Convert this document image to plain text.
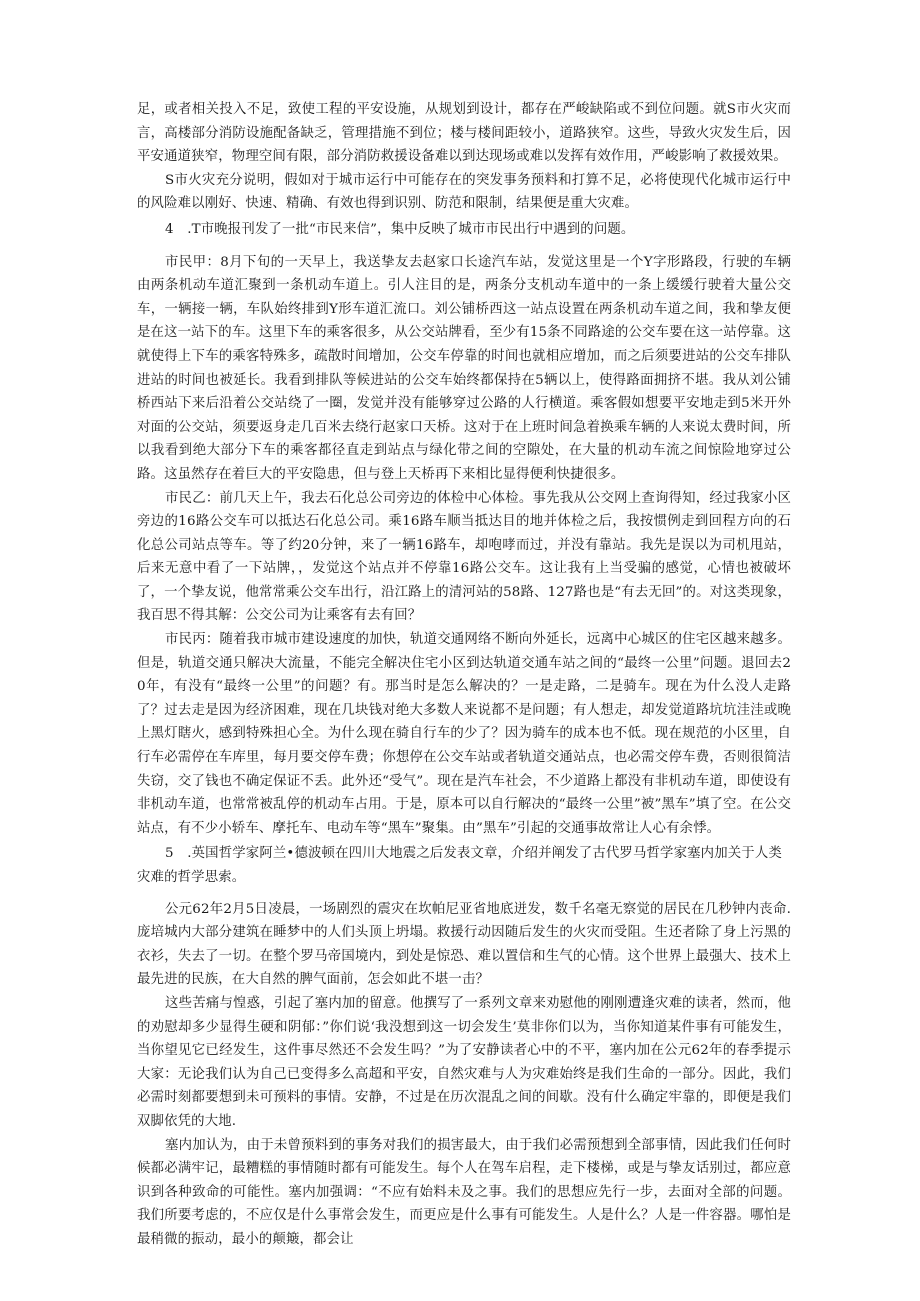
足，或者相关投入不足，致使工程的平安设施，从规划到设计，都存在严峻缺陷或不到位问题。就S市火灾而言，高楼部分消防设施配备缺乏，管理措施不到位；楼与楼间距较小，道路狭窄。这些，导致火灾发生后，因平安通道狭窄，物理空间有限，部分消防救援设备难以到达现场或难以发挥有效作用，严峻影响了救援效果。

S市火灾充分说明，假如对于城市运行中可能存在的突发事务预料和打算不足，必将使现代化城市运行中的风险难以刚好、快速、精确、有效也得到识别、防范和限制，结果便是重大灾难。

4　.T市晚报刊发了一批“市民来信”，集中反映了城市市民出行中遇到的问题。

市民甲：8月下旬的一天早上，我送挚友去赵家口长途汽车站，发觉这里是一个Y字形路段，行驶的车辆由两条机动车道汇聚到一条机动车道上。引人注目的是，两条分支机动车道中的一条上缓缓行驶着大量公交车，一辆接一辆，车队始终排到Y形车道汇流口。刘公铺桥西这一站点设置在两条机动车道之间，我和挚友便是在这一站下的车。这里下车的乘客很多，从公交站牌看，至少有15条不同路途的公交车要在这一站停靠。这就使得上下车的乘客特殊多，疏散时间增加，公交车停靠的时间也就相应增加，而之后须要进站的公交车排队进站的时间也被延长。我看到排队等候进站的公交车始终都保持在5辆以上，使得路面拥挤不堪。我从刘公铺桥西站下来后沿着公交站绕了一圈，发觉并没有能够穿过公路的人行横道。乘客假如想要平安地走到5米开外对面的公交站，须要返身走几百米去绕行赵家口天桥。这对于在上班时间急着换乘车辆的人来说太费时间，所以我看到绝大部分下车的乘客都径直走到站点与绿化带之间的空隙处，在大量的机动车流之间惊险地穿过公路。这虽然存在着巨大的平安隐患，但与登上天桥再下来相比显得便利快捷很多。

市民乙：前几天上午，我去石化总公司旁边的体检中心体检。事先我从公交网上查询得知，经过我家小区旁边的16路公交车可以抵达石化总公司。乘16路车顺当抵达目的地并体检之后，我按惯例走到回程方向的石化总公司站点等车。等了约20分钟，来了一辆16路车，却咆哮而过，并没有靠站。我先是误以为司机甩站，后来无意中看了一下站牌，，发觉这个站点并不停靠16路公交车。这让我有上当受骗的感觉，心情也被破坏了，一个挚友说，他常常乘公交车出行，沿江路上的清河站的58路、127路也是“有去无回”的。对这类现象，我百思不得其解：公交公司为让乘客有去有回？

市民丙：随着我市城市建设速度的加快，轨道交通网络不断向外延长，远离中心城区的住宅区越来越多。但是，轨道交通只解决大流量，不能完全解决住宅小区到达轨道交通车站之间的“最终一公里”问题。退回去20年，有没有“最终一公里”的问题？有。那当时是怎么解决的？一是走路，二是骑车。现在为什么没人走路了？过去走是因为经济困难，现在几块钱对绝大多数人来说都不是问题；有人想走，却发觉道路坑坑洼洼或晚上黑灯瞎火，感到特殊担心全。为什么现在骑自行车的少了？因为骑车的成本也不低。现在规范的小区里，自行车必需停在车库里，每月要交停车费；你想停在公交车站或者轨道交通站点，也必需交停车费，否则很简洁失窃，交了钱也不确定保证不丢。此外还“受气”。现在是汽车社会，不少道路上都没有非机动车道，即使设有非机动车道，也常常被乱停的机动车占用。于是，原本可以自行解决的“最终一公里”被”黑车”填了空。在公交站点，有不少小轿车、摩托车、电动车等“黑车”聚集。由”黑车”引起的交通事故常让人心有余悸。

5　.英国哲学家阿兰•德波顿在四川大地震之后发表文章，介绍并阐发了古代罗马哲学家塞内加关于人类灾难的哲学思索。

公元62年2月5日凌晨，一场剧烈的震灾在坎帕尼亚省地底迸发，数千名毫无察觉的居民在几秒钟内丧命.庞培城内大部分建筑在睡梦中的人们头顶上坍塌。救援行动因随后发生的火灾而受阻。生还者除了身上污黑的衣衫，失去了一切。在整个罗马帝国境内，到处是惊恐、难以置信和生气的心情。这个世界上最强大、技术上最先进的民族，在大自然的脾气面前，怎会如此不堪一击？

这些苦痛与惶惑，引起了塞内加的留意。他撰写了一系列文章来劝慰他的刚刚遭逢灾难的读者，然而，他的劝慰却多少显得生硬和阴郁：”你们说‘我没想到这一切会发生’莫非你们以为，当你知道某件事有可能发生，当你望见它已经发生，这件事尽然还不会发生吗？”为了安静读者心中的不平，塞内加在公元62年的春季提示大家：无论我们认为自己已变得多么高超和平安，自然灾难与人为灾难始终是我们生命的一部分。因此，我们必需时刻都要想到未可预料的事情。安静，不过是在历次混乱之间的间歇。没有什么确定牢靠的，即便是我们双脚依凭的大地.

塞内加认为，由于未曾预料到的事务对我们的损害最大，由于我们必需预想到全部事情，因此我们任何时候都必满牢记，最糟糕的事情随时都有可能发生。每个人在驾车启程，走下楼梯，或是与挚友话别过，都应意识到各种致命的可能性。塞内加强调：“不应有始料未及之事。我们的思想应先行一步，去面对全部的问题。我们所要考虑的，不应仅是什么事常会发生，而更应是什么事有可能发生。人是什么？人是一件容器。哪怕是最稍微的振动，最小的颠簸，都会让
